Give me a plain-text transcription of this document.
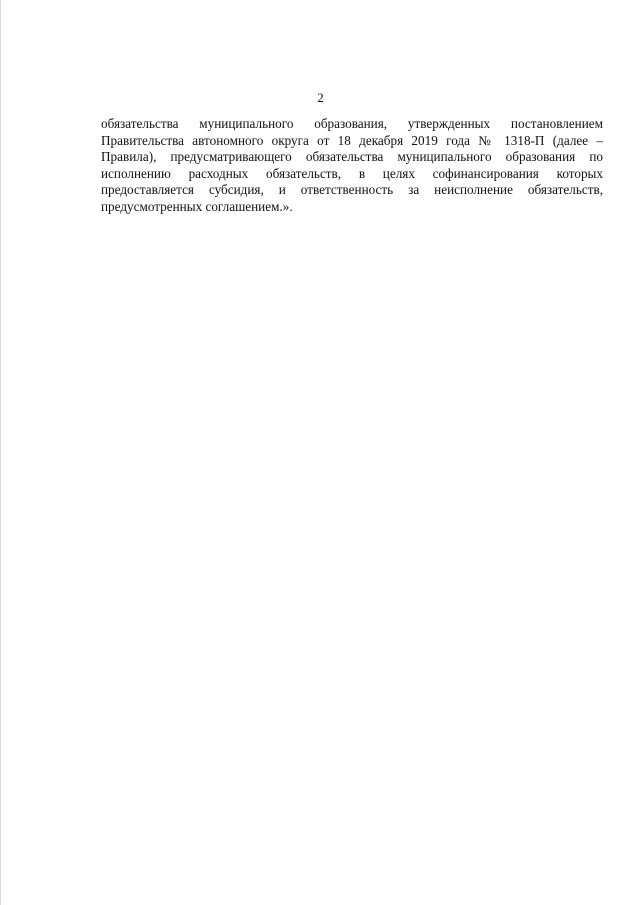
2
обязательства муниципального образования, утвержденных постановлением
Правительства автономного округа от 18 декабря 2019 года № 1318-П (далее –
Правила), предусматривающего обязательства муниципального образования по
исполнению расходных обязательств, в целях софинансирования которых
предоставляется субсидия, и ответственность за неисполнение обязательств,
предусмотренных соглашением.».
